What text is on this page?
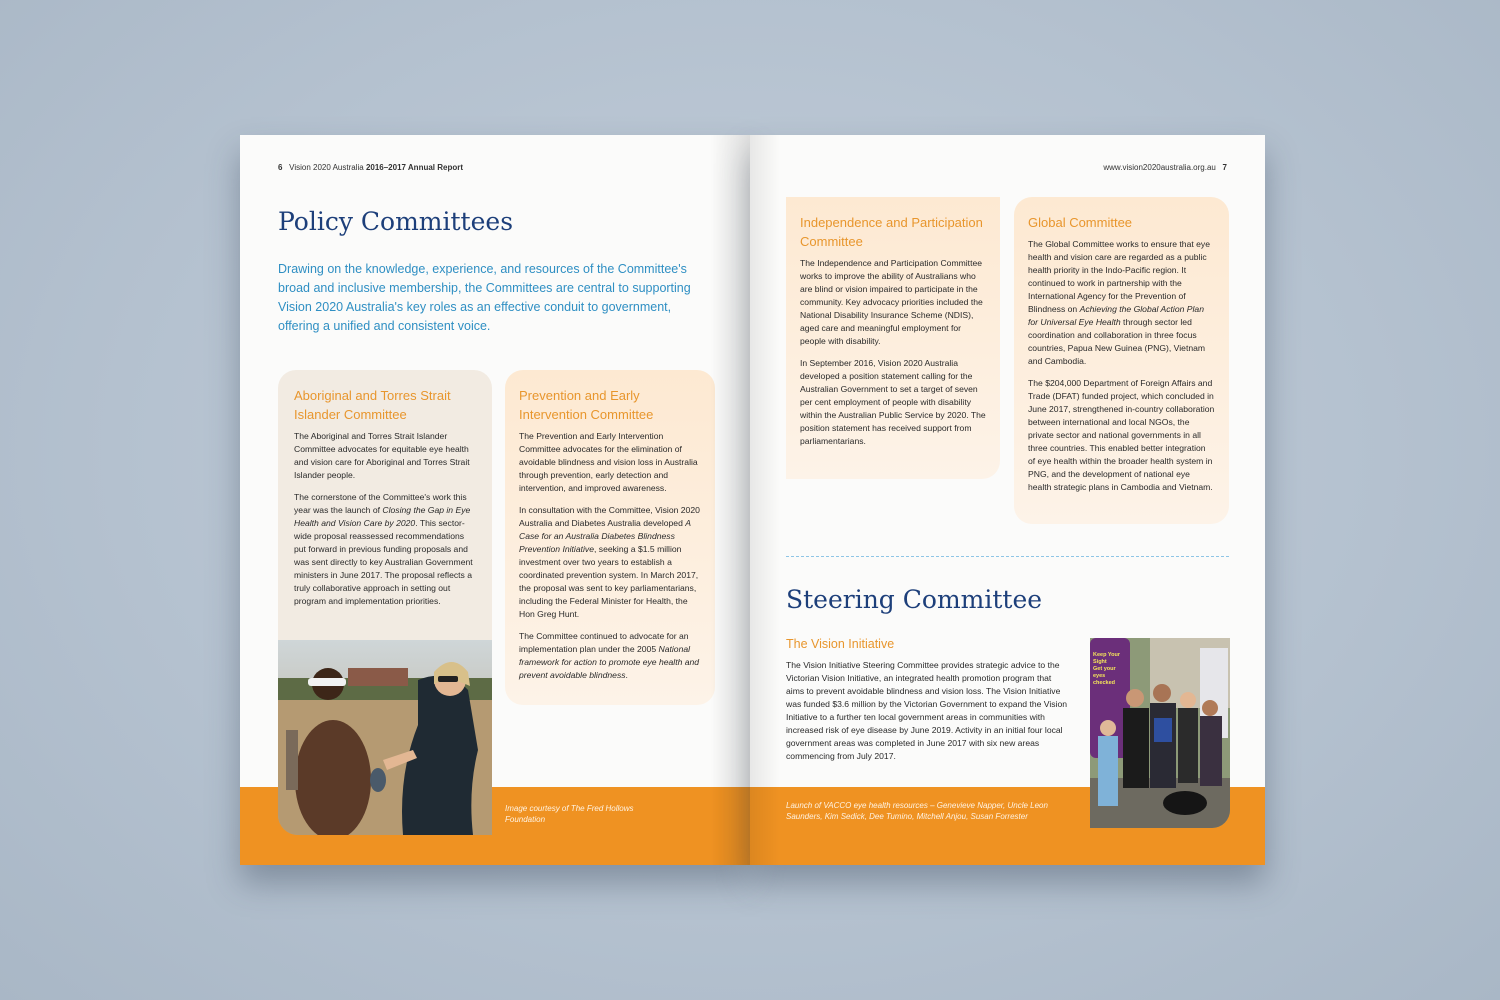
6 Vision 2020 Australia 2016–2017 Annual Report
Policy Committees
Drawing on the knowledge, experience, and resources of the Committee's broad and inclusive membership, the Committees are central to supporting Vision 2020 Australia's key roles as an effective conduit to government, offering a unified and consistent voice.
Aboriginal and Torres Strait Islander Committee

The Aboriginal and Torres Strait Islander Committee advocates for equitable eye health and vision care for Aboriginal and Torres Strait Islander people.

The cornerstone of the Committee's work this year was the launch of Closing the Gap in Eye Health and Vision Care by 2020. This sector-wide proposal reassessed recommendations put forward in previous funding proposals and was sent directly to key Australian Government ministers in June 2017. The proposal reflects a truly collaborative approach in setting out program and implementation priorities.

Prevention and Early Intervention Committee

The Prevention and Early Intervention Committee advocates for the elimination of avoidable blindness and vision loss in Australia through prevention, early detection and intervention, and improved awareness.

In consultation with the Committee, Vision 2020 Australia and Diabetes Australia developed A Case for an Australia Diabetes Blindness Prevention Initiative, seeking a $1.5 million investment over two years to establish a coordinated prevention system. In March 2017, the proposal was sent to key parliamentarians, including the Federal Minister for Health, the Hon Greg Hunt.

The Committee continued to advocate for an implementation plan under the 2005 National framework for action to promote eye health and prevent avoidable blindness.

Image courtesy of The Fred Hollows Foundation
www.vision2020australia.org.au 7
Independence and Participation Committee

The Independence and Participation Committee works to improve the ability of Australians who are blind or vision impaired to participate in the community. Key advocacy priorities included the National Disability Insurance Scheme (NDIS), aged care and meaningful employment for people with disability.

In September 2016, Vision 2020 Australia developed a position statement calling for the Australian Government to set a target of seven per cent employment of people with disability within the Australian Public Service by 2020. The position statement has received support from parliamentarians.

Global Committee

The Global Committee works to ensure that eye health and vision care are regarded as a public health priority in the Indo-Pacific region. It continued to work in partnership with the International Agency for the Prevention of Blindness on Achieving the Global Action Plan for Universal Eye Health through sector led coordination and collaboration in three focus countries, Papua New Guinea (PNG), Vietnam and Cambodia.

The $204,000 Department of Foreign Affairs and Trade (DFAT) funded project, which concluded in June 2017, strengthened in-country collaboration between international and local NGOs, the private sector and national governments in all three countries. This enabled better integration of eye health within the broader health system in PNG, and the development of national eye health strategic plans in Cambodia and Vietnam.

Steering Committee
The Vision Initiative
The Vision Initiative Steering Committee provides strategic advice to the Victorian Vision Initiative, an integrated health promotion program that aims to prevent avoidable blindness and vision loss. The Vision Initiative was funded $3.6 million by the Victorian Government to expand the Vision Initiative to a further ten local government areas in communities with increased risk of eye disease by June 2019. Activity in an initial four local government areas was completed in June 2017 with six new areas commencing from July 2017.
Launch of VACCO eye health resources – Genevieve Napper, Uncle Leon Saunders, Kim Sedick, Dee Tumino, Mitchell Anjou, Susan Forrester
Keep Your Sight
Get your eyes checked
